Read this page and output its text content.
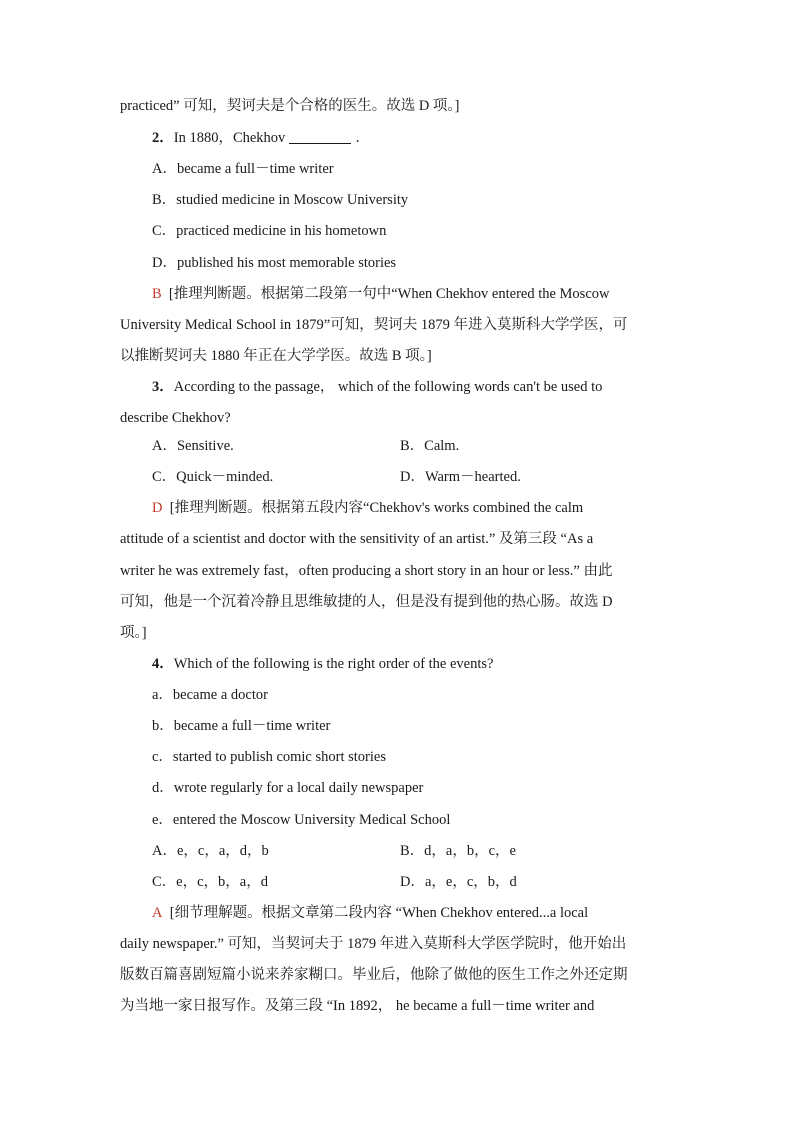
practiced” 可知，契诃夫是个合格的医生。故选 D 项。]
2．In 1880，Chekhov	．
A．became a full－time writer
B．studied medicine in Moscow University
C．practiced medicine in his hometown
D．published his most memorable stories
B [推理判断题。根据第二段第一句中“When Chekhov entered the Moscow
University Medical School in 1879”可知，契诃夫 1879 年进入莫斯科大学学医，可
以推断契诃夫 1880 年正在大学学医。故选 B 项。]
3．According to the passage， which of the following words can't be used to
describe Chekhov?
A．Sensitive.	B．Calm.
C．Quick－minded.	D．Warm－hearted.
D [推理判断题。根据第五段内容“Chekhov's works combined the calm
attitude of a scientist and doctor with the sensitivity of an artist.” 及第三段 “As a
writer he was extremely fast，often producing a short story in an hour or less.” 由此
可知，他是一个沉着冷静且思维敏捷的人，但是没有提到他的热心肠。故选 D
项。]
4．Which of the following is the right order of the events?
a．became a doctor
b．became a full－time writer
c．started to publish comic short stories
d．wrote regularly for a local daily newspaper
e．entered the Moscow University Medical School
A．e，c，a，d，b	B．d，a，b，c，e
C．e，c，b，a，d	D．a，e，c，b，d
A [细节理解题。根据文章第二段内容 “When Chekhov entered...a local
daily newspaper.” 可知，当契诃夫于 1879 年进入莫斯科大学医学院时，他开始出
版数百篇喜剧短篇小说来养家糊口。毕业后，他除了做他的医生工作之外还定期
为当地一家日报写作。及第三段 “In 1892， he became a full－time writer and
